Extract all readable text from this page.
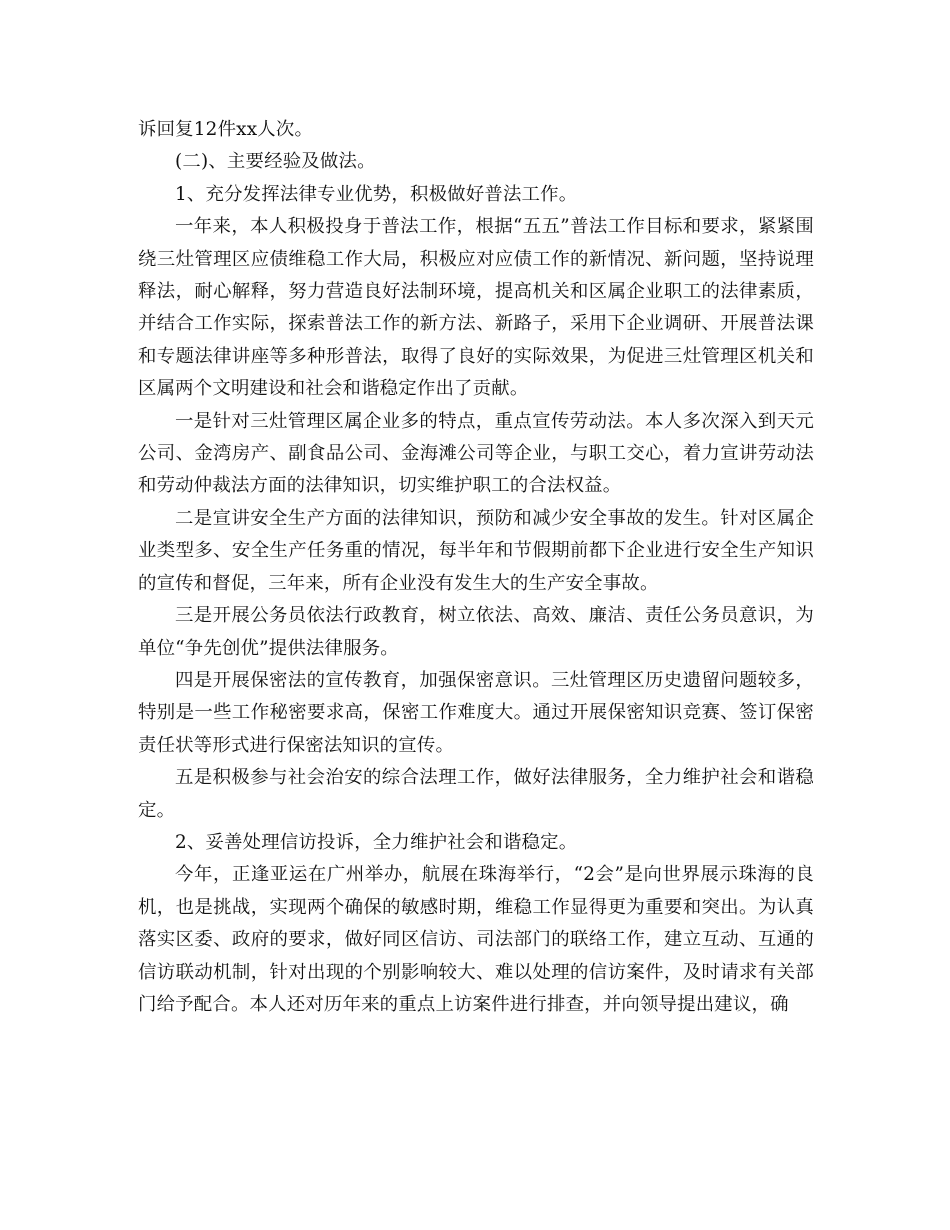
诉回复12件xx人次。

(二)、主要经验及做法。

1、充分发挥法律专业优势，积极做好普法工作。

一年来，本人积极投身于普法工作，根据“五五”普法工作目标和要求，紧紧围绕三灶管理区应债维稳工作大局，积极应对应债工作的新情况、新问题，坚持说理释法，耐心解释，努力营造良好法制环境，提高机关和区属企业职工的法律素质，并结合工作实际，探索普法工作的新方法、新路子，采用下企业调研、开展普法课和专题法律讲座等多种形普法，取得了良好的实际效果，为促进三灶管理区机关和区属两个文明建设和社会和谐稳定作出了贡献。

一是针对三灶管理区属企业多的特点，重点宣传劳动法。本人多次深入到天元公司、金湾房产、副食品公司、金海滩公司等企业，与职工交心，着力宣讲劳动法和劳动仲裁法方面的法律知识，切实维护职工的合法权益。

二是宣讲安全生产方面的法律知识，预防和减少安全事故的发生。针对区属企业类型多、安全生产任务重的情况，每半年和节假期前都下企业进行安全生产知识的宣传和督促，三年来，所有企业没有发生大的生产安全事故。

三是开展公务员依法行政教育，树立依法、高效、廉洁、责任公务员意识，为单位“争先创优”提供法律服务。

四是开展保密法的宣传教育，加强保密意识。三灶管理区历史遗留问题较多，特别是一些工作秘密要求高，保密工作难度大。通过开展保密知识竞赛、签订保密责任状等形式进行保密法知识的宣传。

五是积极参与社会治安的综合法理工作，做好法律服务，全力维护社会和谐稳定。

2、妥善处理信访投诉，全力维护社会和谐稳定。

今年，正逢亚运在广州举办，航展在珠海举行，“2会”是向世界展示珠海的良机，也是挑战，实现两个确保的敏感时期，维稳工作显得更为重要和突出。为认真落实区委、政府的要求，做好同区信访、司法部门的联络工作，建立互动、互通的信访联动机制，针对出现的个别影响较大、难以处理的信访案件，及时请求有关部门给予配合。本人还对历年来的重点上访案件进行排查，并向领导提出建议，确
